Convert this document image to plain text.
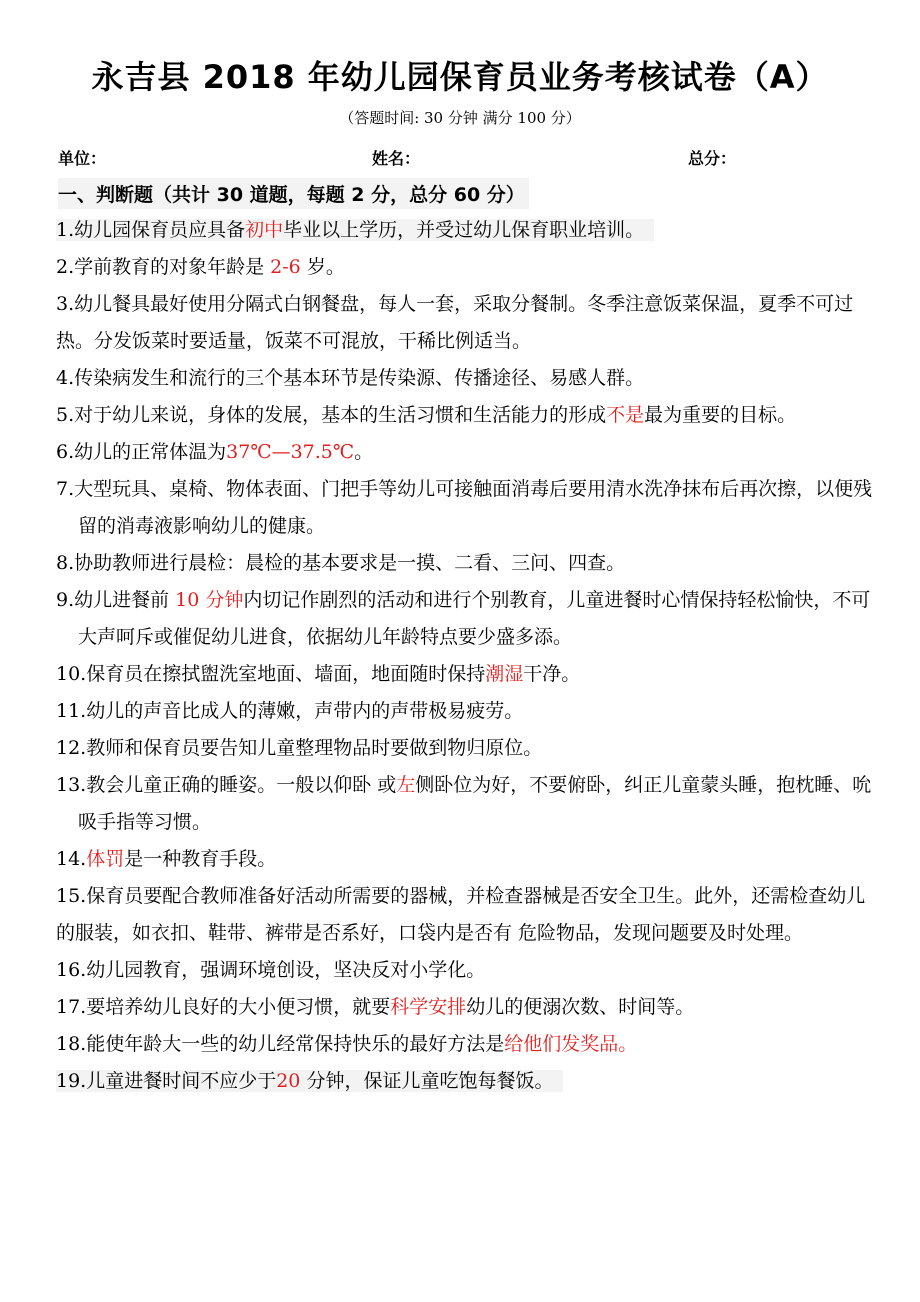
永吉县 2018 年幼儿园保育员业务考核试卷（A）
（答题时间: 30 分钟 满分 100 分）
单位：	姓名：	总分：
一、判断题（共计 30 道题，每题 2 分，总分 60 分）

1.幼儿园保育员应具备初中毕业以上学历，并受过幼儿保育职业培训。

2.学前教育的对象年龄是 2-6 岁。

3.幼儿餐具最好使用分隔式白钢餐盘，每人一套，采取分餐制。冬季注意饭菜保温，夏季不可过热。分发饭菜时要适量，饭菜不可混放，干稀比例适当。

4.传染病发生和流行的三个基本环节是传染源、传播途径、易感人群。

5.对于幼儿来说，身体的发展，基本的生活习惯和生活能力的形成不是最为重要的目标。

6.幼儿的正常体温为37℃—37.5℃。

7.大型玩具、桌椅、物体表面、门把手等幼儿可接触面消毒后要用清水洗净抹布后再次擦，以便残留的消毒液影响幼儿的健康。

8.协助教师进行晨检：晨检的基本要求是一摸、二看、三问、四查。

9.幼儿进餐前 10 分钟内切记作剧烈的活动和进行个别教育，儿童进餐时心情保持轻松愉快，不可大声呵斥或催促幼儿进食，依据幼儿年龄特点要少盛多添。

10.保育员在擦拭盥洗室地面、墙面，地面随时保持潮湿干净。

11.幼儿的声音比成人的薄嫩，声带内的声带极易疲劳。

12.教师和保育员要告知儿童整理物品时要做到物归原位。

13.教会儿童正确的睡姿。一般以仰卧 或左侧卧位为好，不要俯卧，纠正儿童蒙头睡，抱枕睡、吮吸手指等习惯。

14.体罚是一种教育手段。

15.保育员要配合教师准备好活动所需要的器械，并检查器械是否安全卫生。此外，还需检查幼儿的服装，如衣扣、鞋带、裤带是否系好，口袋内是否有 危险物品，发现问题要及时处理。

16.幼儿园教育，强调环境创设，坚决反对小学化。

17.要培养幼儿良好的大小便习惯，就要科学安排幼儿的便溺次数、时间等。

18.能使年龄大一些的幼儿经常保持快乐的最好方法是给他们发奖品。

19.儿童进餐时间不应少于20 分钟，保证儿童吃饱每餐饭。
